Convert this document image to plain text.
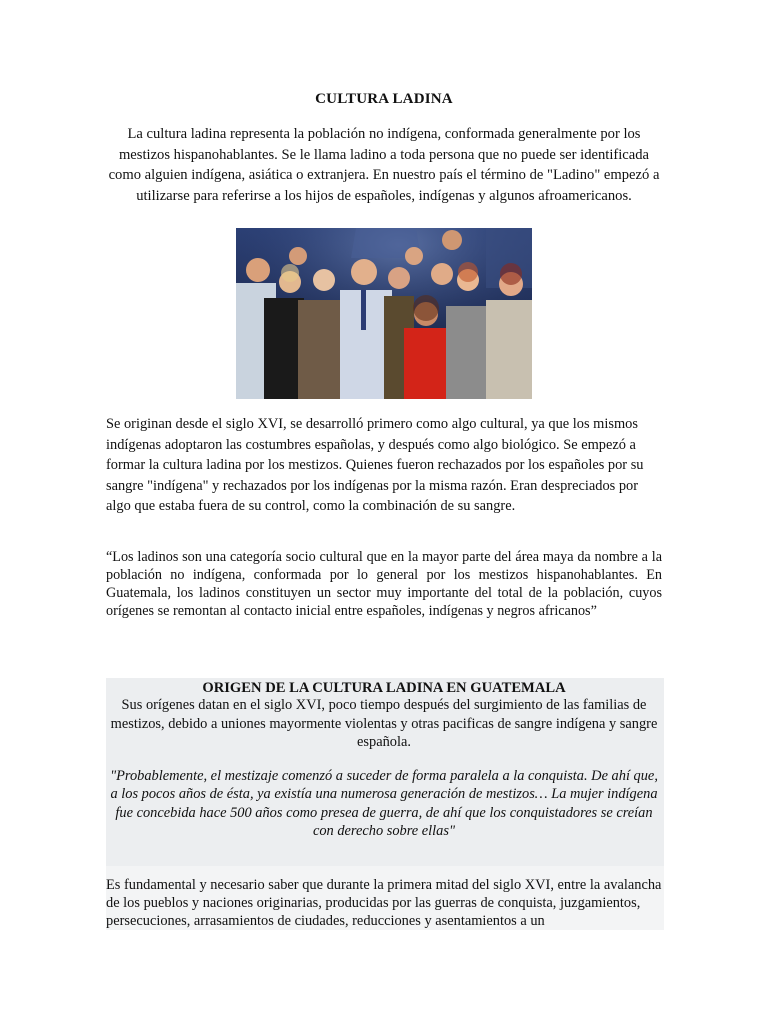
CULTURA LADINA

La cultura ladina representa la población no indígena, conformada generalmente por los mestizos hispanohablantes. Se le llama ladino a toda persona que no puede ser identificada como alguien indígena, asiática o extranjera. En nuestro país el término de "Ladino" empezó a utilizarse para referirse a los hijos de españoles, indígenas y algunos afroamericanos.

Se originan desde el siglo XVI, se desarrolló primero como algo cultural, ya que los mismos indígenas adoptaron las costumbres españolas, y después como algo biológico. Se empezó a formar la cultura ladina por los mestizos. Quienes fueron rechazados por los españoles por su sangre "indígena" y rechazados por los indígenas por la misma razón. Eran despreciados por algo que estaba fuera de su control, como la combinación de su sangre.

“Los ladinos son una categoría socio cultural que en la mayor parte del área maya da nombre a la población no indígena, conformada por lo general por los mestizos hispanohablantes. En Guatemala, los ladinos constituyen un sector muy importante del total de la población, cuyos orígenes se remontan al contacto inicial entre españoles, indígenas y negros africanos”

ORIGEN DE LA CULTURA LADINA EN GUATEMALA

Sus orígenes datan en el siglo XVI, poco tiempo después del surgimiento de las familias de mestizos, debido a uniones mayormente violentas y otras pacificas de sangre indígena y sangre española.

"Probablemente, el mestizaje comenzó a suceder de forma paralela a la conquista. De ahí que, a los pocos años de ésta, ya existía una numerosa generación de mestizos… La mujer indígena fue concebida hace 500 años como presea de guerra, de ahí que los conquistadores se creían con derecho sobre ellas"

Es fundamental y necesario saber que durante la primera mitad del siglo XVI, entre la avalancha de los pueblos y naciones originarias, producidas por las guerras de conquista, juzgamientos, persecuciones, arrasamientos de ciudades, reducciones y asentamientos a un
